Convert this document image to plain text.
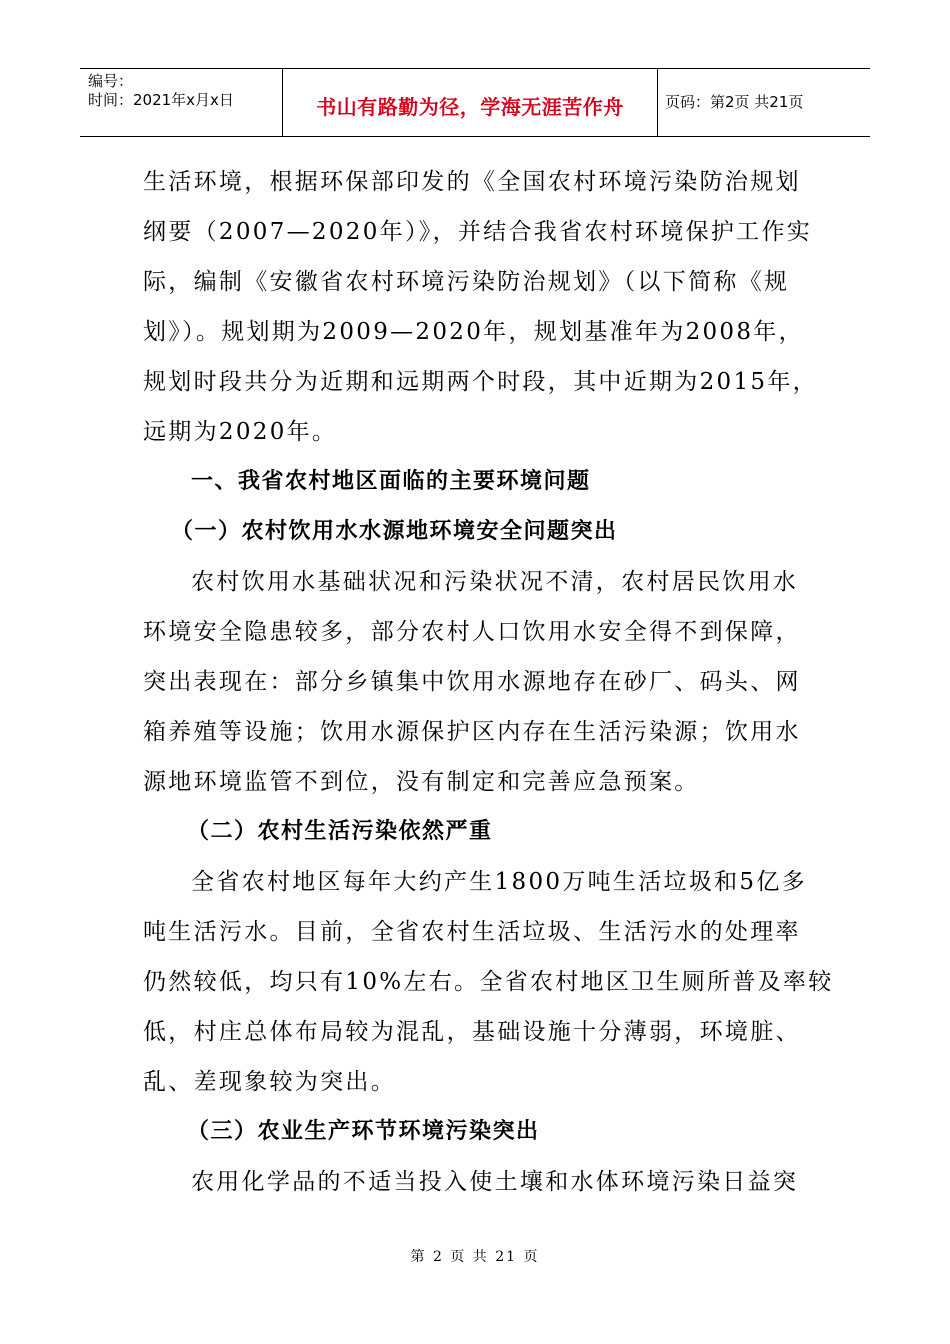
编号：
时间：2021年x月x日	书山有路勤为径，学海无涯苦作舟	页码：第2页 共21页
生活环境，根据环保部印发的《全国农村环境污染防治规划
纲要（2007—2020年）》，并结合我省农村环境保护工作实
际，编制《安徽省农村环境污染防治规划》（以下简称《规
划》）。规划期为2009—2020年，规划基准年为2008年，
规划时段共分为近期和远期两个时段，其中近期为2015年，
远期为2020年。
一、我省农村地区面临的主要环境问题
（一）农村饮用水水源地环境安全问题突出
农村饮用水基础状况和污染状况不清，农村居民饮用水
环境安全隐患较多，部分农村人口饮用水安全得不到保障，
突出表现在：部分乡镇集中饮用水源地存在砂厂、码头、网
箱养殖等设施；饮用水源保护区内存在生活污染源；饮用水
源地环境监管不到位，没有制定和完善应急预案。
（二）农村生活污染依然严重
全省农村地区每年大约产生1800万吨生活垃圾和5亿多
吨生活污水。目前，全省农村生活垃圾、生活污水的处理率
仍然较低，均只有10%左右。全省农村地区卫生厕所普及率较
低，村庄总体布局较为混乱，基础设施十分薄弱，环境脏、
乱、差现象较为突出。
（三）农业生产环节环境污染突出
农用化学品的不适当投入使土壤和水体环境污染日益突
第 2 页 共 21 页
